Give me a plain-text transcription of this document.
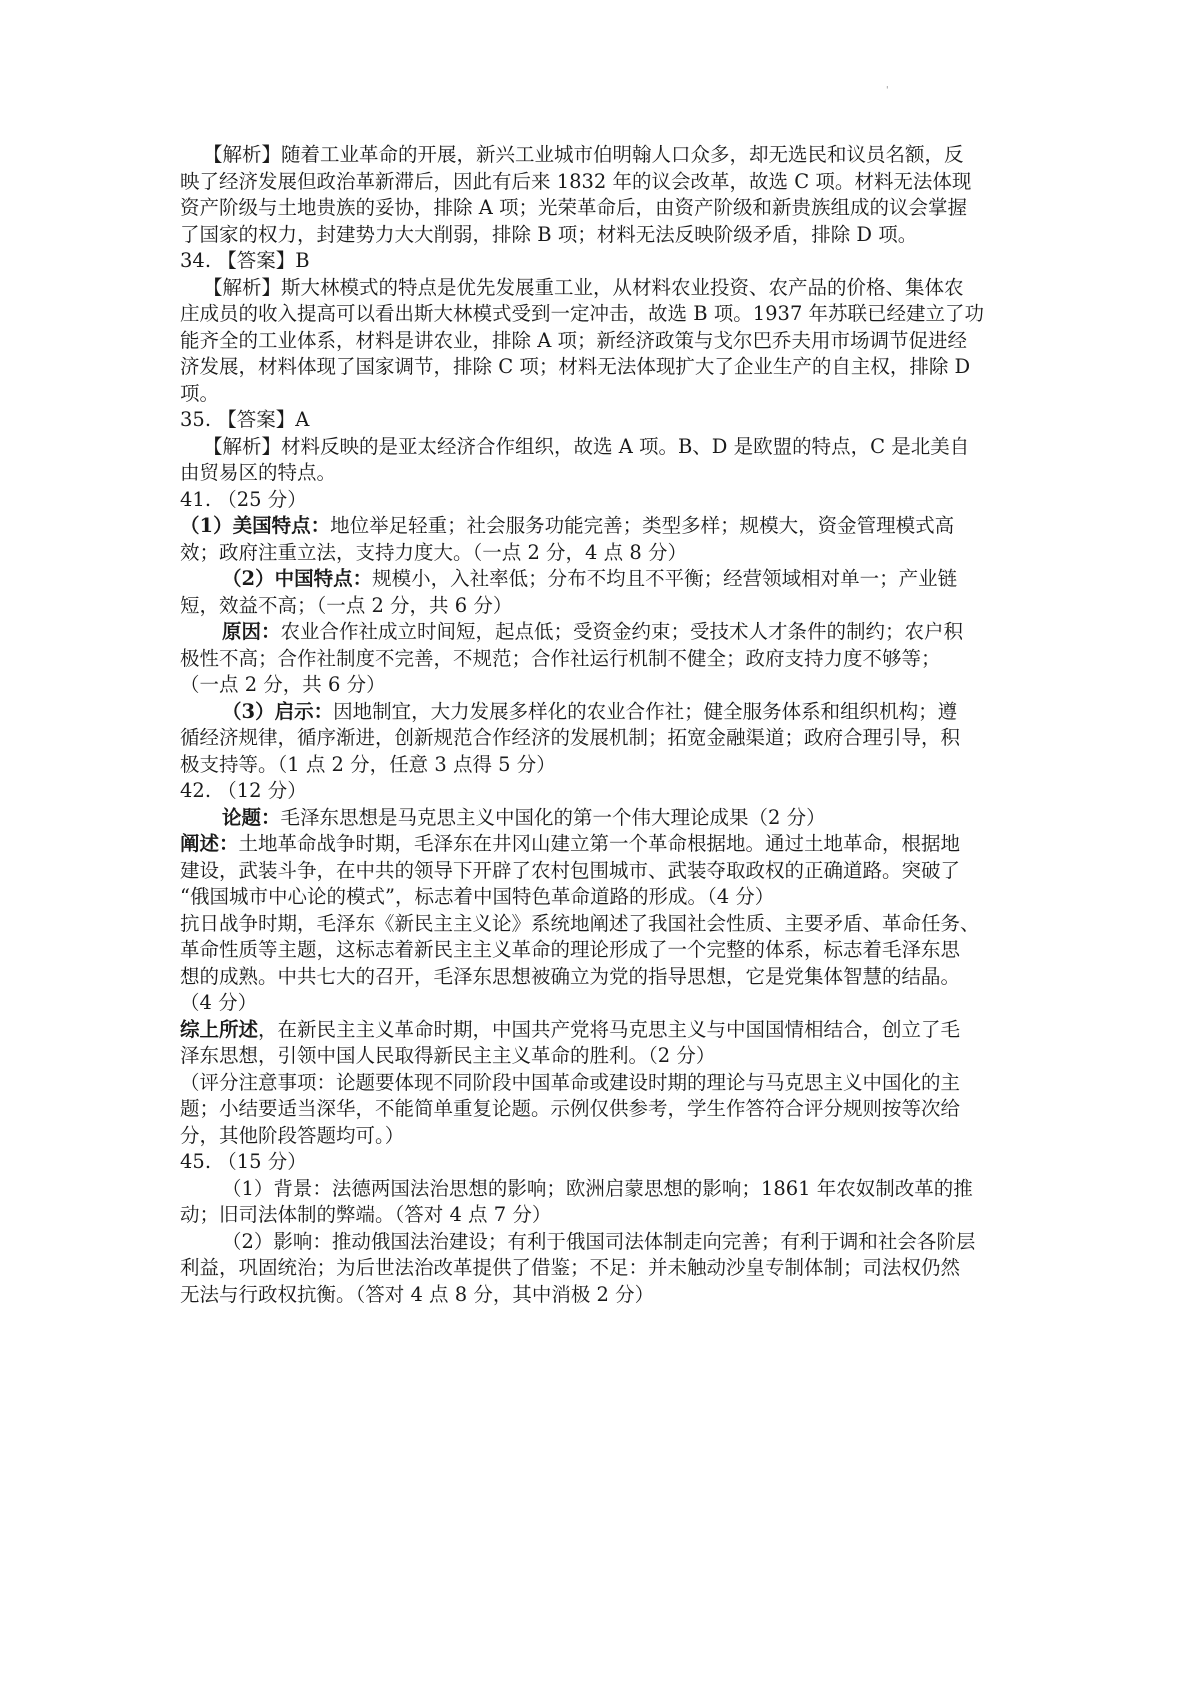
'
【解析】随着工业革命的开展，新兴工业城市伯明翰人口众多，却无选民和议员名额，反
映了经济发展但政治革新滞后，因此有后来 1832 年的议会改革，故选 C 项。材料无法体现
资产阶级与土地贵族的妥协，排除 A 项；光荣革命后，由资产阶级和新贵族组成的议会掌握
了国家的权力，封建势力大大削弱，排除 B 项；材料无法反映阶级矛盾，排除 D 项。
34. 【答案】B
【解析】斯大林模式的特点是优先发展重工业，从材料农业投资、农产品的价格、集体农
庄成员的收入提高可以看出斯大林模式受到一定冲击，故选 B 项。1937 年苏联已经建立了功
能齐全的工业体系，材料是讲农业，排除 A 项；新经济政策与戈尔巴乔夫用市场调节促进经
济发展，材料体现了国家调节，排除 C 项；材料无法体现扩大了企业生产的自主权，排除 D
项。
35. 【答案】A
【解析】材料反映的是亚太经济合作组织，故选 A 项。B、D 是欧盟的特点，C 是北美自
由贸易区的特点。
41. （25 分）
（1）美国特点：地位举足轻重；社会服务功能完善；类型多样；规模大，资金管理模式高
效；政府注重立法，支持力度大。（一点 2 分，4 点 8 分）
（2）中国特点：规模小，入社率低；分布不均且不平衡；经营领域相对单一；产业链
短，效益不高；（一点 2 分，共 6 分）
原因：农业合作社成立时间短，起点低；受资金约束；受技术人才条件的制约；农户积
极性不高；合作社制度不完善，不规范；合作社运行机制不健全；政府支持力度不够等；
（一点 2 分，共 6 分）
（3）启示：因地制宜，大力发展多样化的农业合作社；健全服务体系和组织机构；遵
循经济规律，循序渐进，创新规范合作经济的发展机制；拓宽金融渠道；政府合理引导，积
极支持等。（1 点 2 分，任意 3 点得 5 分）
42. （12 分）
论题：毛泽东思想是马克思主义中国化的第一个伟大理论成果（2 分）
阐述：土地革命战争时期，毛泽东在井冈山建立第一个革命根据地。通过土地革命，根据地
建设，武装斗争，在中共的领导下开辟了农村包围城市、武装夺取政权的正确道路。突破了
“俄国城市中心论的模式”，标志着中国特色革命道路的形成。（4 分）
抗日战争时期，毛泽东《新民主主义论》系统地阐述了我国社会性质、主要矛盾、革命任务、
革命性质等主题，这标志着新民主主义革命的理论形成了一个完整的体系，标志着毛泽东思
想的成熟。中共七大的召开，毛泽东思想被确立为党的指导思想，它是党集体智慧的结晶。
（4 分）
综上所述，在新民主主义革命时期，中国共产党将马克思主义与中国国情相结合，创立了毛
泽东思想，引领中国人民取得新民主主义革命的胜利。（2 分）
（评分注意事项：论题要体现不同阶段中国革命或建设时期的理论与马克思主义中国化的主
题；小结要适当深华，不能简单重复论题。示例仅供参考，学生作答符合评分规则按等次给
分，其他阶段答题均可。）
45. （15 分）
（1）背景：法德两国法治思想的影响；欧洲启蒙思想的影响；1861 年农奴制改革的推
动；旧司法体制的弊端。（答对 4 点 7 分）
（2）影响：推动俄国法治建设；有利于俄国司法体制走向完善；有利于调和社会各阶层
利益，巩固统治；为后世法治改革提供了借鉴；不足：并未触动沙皇专制体制；司法权仍然
无法与行政权抗衡。（答对 4 点 8 分，其中消极 2 分）
